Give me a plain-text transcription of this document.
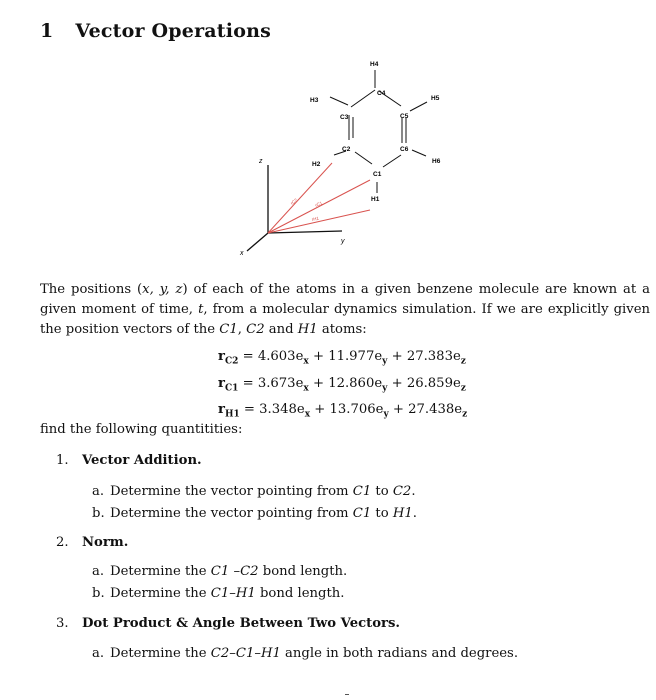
1 Vector Operations
z
y
x
rC2	rC1
rH1
H4
C4
H5
H3
C3	C5
C2	C6
H6
H2
C1
H1
The positions (x, y, z) of each of the atoms in a given benzene molecule are known at a given moment of time, t, from a molecular dynamics simulation. If we are explicitly given the position vectors of the C1, C2 and H1 atoms:
$r_{C2} = 4.603e_x + 11.977e_y + 27.383e_z$
$r_{C1} = 3.673e_x + 12.860e_y + 26.859e_z$
$r_{H1} = 3.348e_x + 13.706e_y + 27.438e_z$
find the following quantitities:
1. Vector Addition.
a. Determine the vector pointing from C1 to C2.
b. Determine the vector pointing from C1 to H1.
2. Norm.
a. Determine the C1 –C2 bond length.
b. Determine the C1–H1 bond length.
3. Dot Product & Angle Between Two Vectors.
a. Determine the C2–C1–H1 angle in both radians and degrees.
